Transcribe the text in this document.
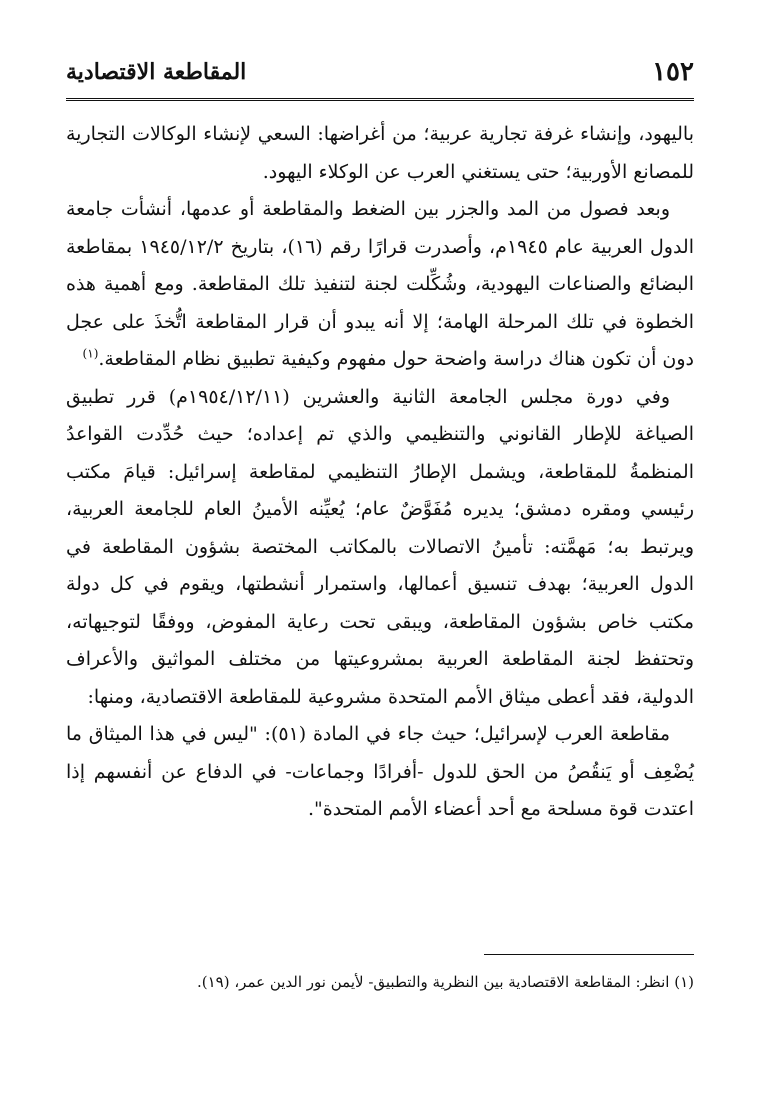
١٥٢
المقاطعة الاقتصادية

باليهود، وإنشاء غرفة تجارية عربية؛ من أغراضها: السعي لإنشاء الوكالات التجارية للمصانع الأوربية؛ حتى يستغني العرب عن الوكلاء اليهود.

وبعد فصول من المد والجزر بين الضغط والمقاطعة أو عدمها، أنشأت جامعة الدول العربية عام ١٩٤٥م، وأصدرت قرارًا رقم (١٦)، بتاريخ ١٩٤٥/١٢/٢ بمقاطعة البضائع والصناعات اليهودية، وشُكِّلت لجنة لتنفيذ تلك المقاطعة. ومع أهمية هذه الخطوة في تلك المرحلة الهامة؛ إلا أنه يبدو أن قرار المقاطعة اتُّخذَ على عجل دون أن تكون هناك دراسة واضحة حول مفهوم وكيفية تطبيق نظام المقاطعة.$^{(١)}$

وفي دورة مجلس الجامعة الثانية والعشرين (١٩٥٤/١٢/١١م) قرر تطبيق الصياغة للإطار القانوني والتنظيمي والذي تم إعداده؛ حيث حُدِّدت القواعدُ المنظمةُ للمقاطعة، ويشمل الإطارُ التنظيمي لمقاطعة إسرائيل: قيامَ مكتب رئيسي ومقره دمشق؛ يديره مُفَوَّضٌ عام؛ يُعيِّنه الأمينُ العام للجامعة العربية، ويرتبط به؛ مَهمَّته: تأمينُ الاتصالات بالمكاتب المختصة بشؤون المقاطعة في الدول العربية؛ بهدف تنسيق أعمالها، واستمرار أنشطتها، ويقوم في كل دولة مكتب خاص بشؤون المقاطعة، ويبقى تحت رعاية المفوض، ووفقًا لتوجيهاته، وتحتفظ لجنة المقاطعة العربية بمشروعيتها من مختلف المواثيق والأعراف الدولية، فقد أعطى ميثاق الأمم المتحدة مشروعية للمقاطعة الاقتصادية، ومنها:

مقاطعة العرب لإسرائيل؛ حيث جاء في المادة (٥١): "ليس في هذا الميثاق ما يُضْعِف أو يَنقُصُ من الحق للدول -أفرادًا وجماعات- في الدفاع عن أنفسهم إذا اعتدت قوة مسلحة مع أحد أعضاء الأمم المتحدة".

(١) انظر: المقاطعة الاقتصادية بين النظرية والتطبيق- لأيمن نور الدين عمر، (١٩).
